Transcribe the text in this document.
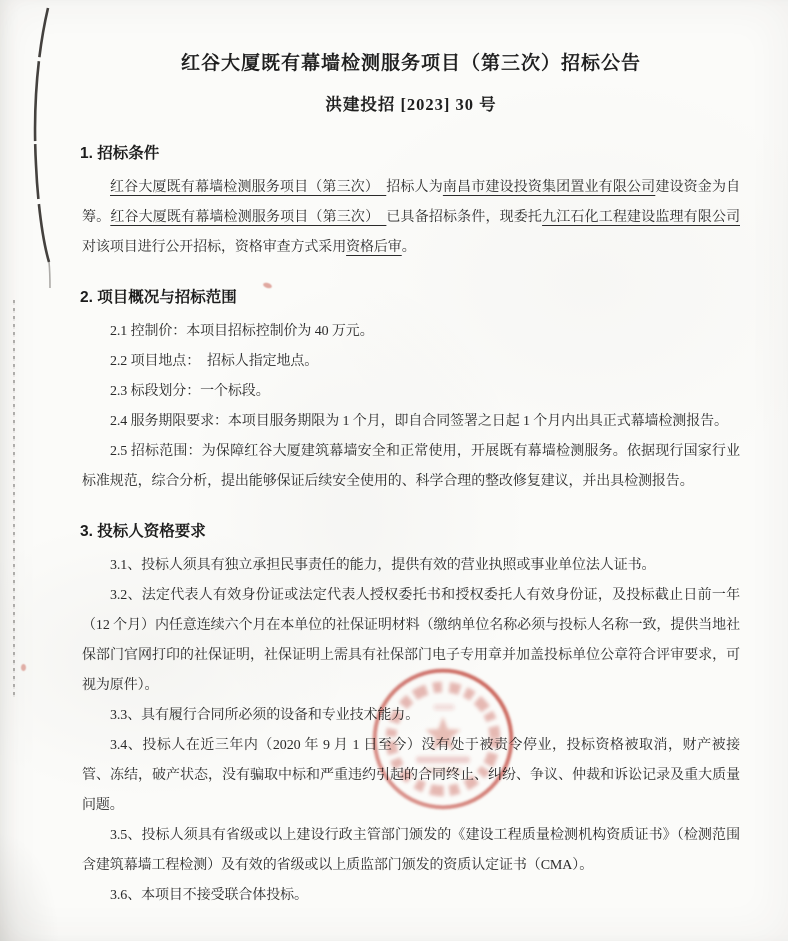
红谷大厦既有幕墙检测服务项目（第三次）招标公告
洪建投招 [2023] 30 号
1. 招标条件

红谷大厦既有幕墙检测服务项目（第三次）　招标人为南昌市建设投资集团置业有限公司建设资金为自筹。红谷大厦既有幕墙检测服务项目（第三次）　已具备招标条件，现委托九江石化工程建设监理有限公司对该项目进行公开招标，资格审查方式采用资格后审。

2. 项目概况与招标范围

2.1 控制价：本项目招标控制价为 40 万元。

2.2 项目地点：　招标人指定地点。

2.3 标段划分：一个标段。

2.4 服务期限要求：本项目服务期限为 1 个月，即自合同签署之日起 1 个月内出具正式幕墙检测报告。

2.5 招标范围：为保障红谷大厦建筑幕墙安全和正常使用，开展既有幕墙检测服务。依据现行国家行业标准规范，综合分析，提出能够保证后续安全使用的、科学合理的整改修复建议，并出具检测报告。

3. 投标人资格要求

3.1、投标人须具有独立承担民事责任的能力，提供有效的营业执照或事业单位法人证书。

3.2、法定代表人有效身份证或法定代表人授权委托书和授权委托人有效身份证，及投标截止日前一年（12 个月）内任意连续六个月在本单位的社保证明材料（缴纳单位名称必须与投标人名称一致，提供当地社保部门官网打印的社保证明，社保证明上需具有社保部门电子专用章并加盖投标单位公章符合评审要求，可视为原件）。

3.3、具有履行合同所必须的设备和专业技术能力。

3.4、投标人在近三年内（2020 年 9 月 1 日至今）没有处于被责令停业，投标资格被取消，财产被接管、冻结，破产状态，没有骗取中标和严重违约引起的合同终止、纠纷、争议、仲裁和诉讼记录及重大质量问题。

3.5、投标人须具有省级或以上建设行政主管部门颁发的《建设工程质量检测机构资质证书》（检测范围含建筑幕墙工程检测）及有效的省级或以上质监部门颁发的资质认定证书（CMA）。

3.6、本项目不接受联合体投标。
